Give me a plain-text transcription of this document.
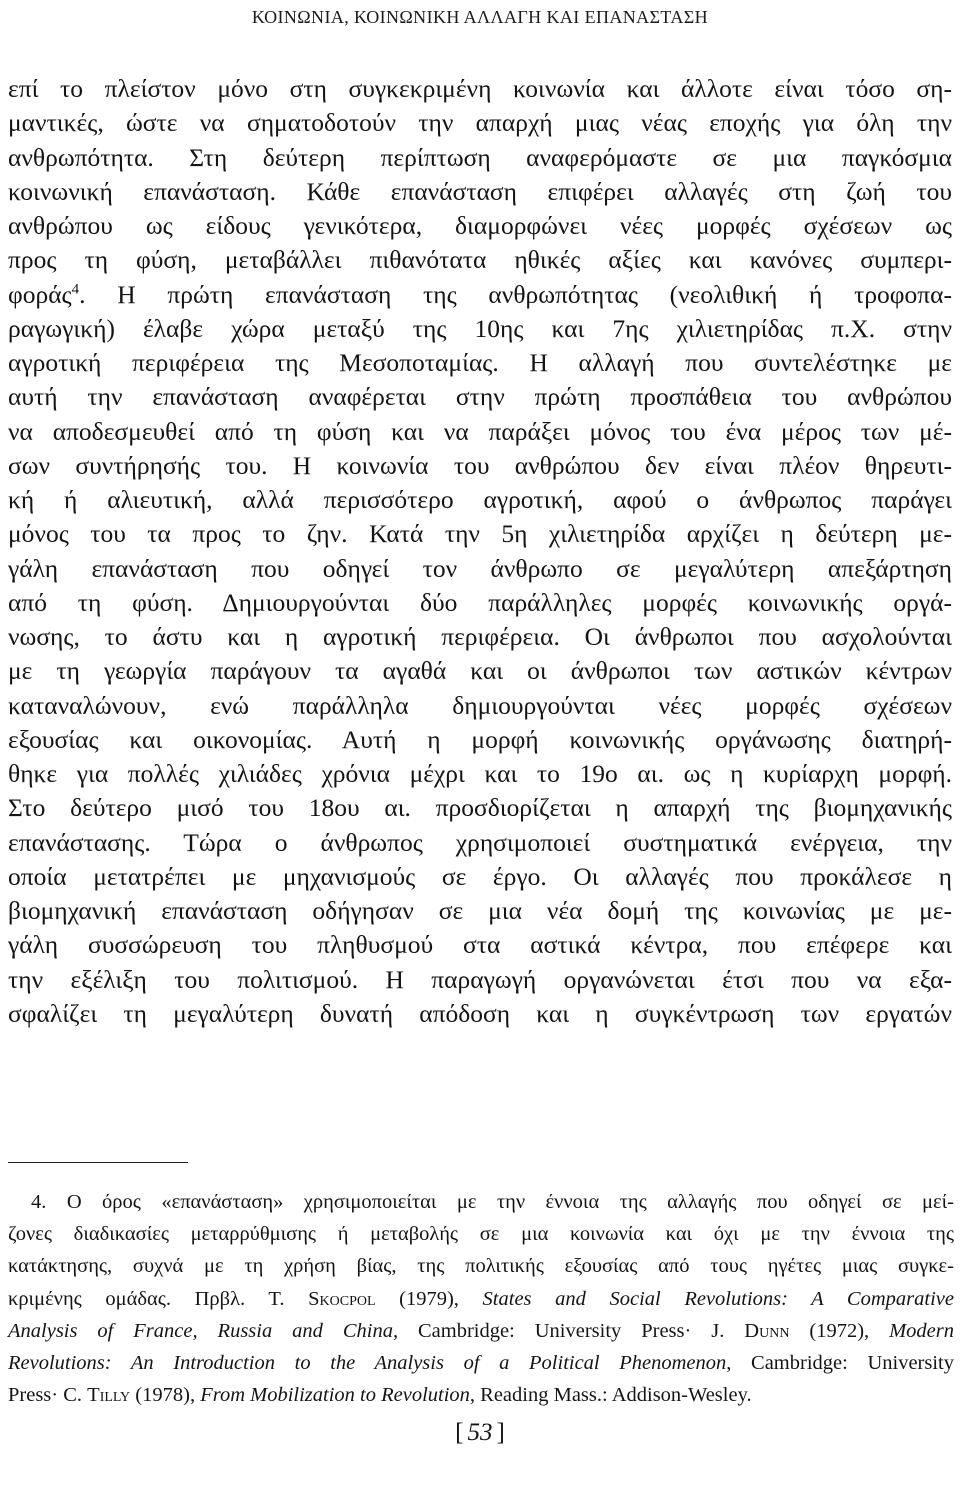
ΚΟΙΝΩΝΙΑ, ΚΟΙΝΩΝΙΚΗ ΑΛΛΑΓΗ ΚΑΙ ΕΠΑΝΑΣΤΑΣΗ
επί το πλείστον μόνο στη συγκεκριμένη κοινωνία και άλλοτε είναι τόσο ση-
μαντικές, ώστε να σηματοδοτούν την απαρχή μιας νέας εποχής για όλη την
ανθρωπότητα. Στη δεύτερη περίπτωση αναφερόμαστε σε μια παγκόσμια
κοινωνική επανάσταση. Κάθε επανάσταση επιφέρει αλλαγές στη ζωή του
ανθρώπου ως είδους γενικότερα, διαμορφώνει νέες μορφές σχέσεων ως
προς τη φύση, μεταβάλλει πιθανότατα ηθικές αξίες και κανόνες συμπερι-
φοράς$^4$. Η πρώτη επανάσταση της ανθρωπότητας (νεολιθική ή τροφοπα-
ραγωγική) έλαβε χώρα μεταξύ της 10ης και 7ης χιλιετηρίδας π.Χ. στην
αγροτική περιφέρεια της Μεσοποταμίας. Η αλλαγή που συντελέστηκε με
αυτή την επανάσταση αναφέρεται στην πρώτη προσπάθεια του ανθρώπου
να αποδεσμευθεί από τη φύση και να παράξει μόνος του ένα μέρος των μέ-
σων συντήρησής του. Η κοινωνία του ανθρώπου δεν είναι πλέον θηρευτι-
κή ή αλιευτική, αλλά περισσότερο αγροτική, αφού ο άνθρωπος παράγει
μόνος του τα προς το ζην. Κατά την 5η χιλιετηρίδα αρχίζει η δεύτερη με-
γάλη επανάσταση που οδηγεί τον άνθρωπο σε μεγαλύτερη απεξάρτηση
από τη φύση. Δημιουργούνται δύο παράλληλες μορφές κοινωνικής οργά-
νωσης, το άστυ και η αγροτική περιφέρεια. Οι άνθρωποι που ασχολούνται
με τη γεωργία παράγουν τα αγαθά και οι άνθρωποι των αστικών κέντρων
καταναλώνουν, ενώ παράλληλα δημιουργούνται νέες μορφές σχέσεων
εξουσίας και οικονομίας. Αυτή η μορφή κοινωνικής οργάνωσης διατηρή-
θηκε για πολλές χιλιάδες χρόνια μέχρι και το 19ο αι. ως η κυρίαρχη μορφή.
Στο δεύτερο μισό του 18ου αι. προσδιορίζεται η απαρχή της βιομηχανικής
επανάστασης. Τώρα ο άνθρωπος χρησιμοποιεί συστηματικά ενέργεια, την
οποία μετατρέπει με μηχανισμούς σε έργο. Οι αλλαγές που προκάλεσε η
βιομηχανική επανάσταση οδήγησαν σε μια νέα δομή της κοινωνίας με με-
γάλη συσσώρευση του πληθυσμού στα αστικά κέντρα, που επέφερε και
την εξέλιξη του πολιτισμού. Η παραγωγή οργανώνεται έτσι που να εξα-
σφαλίζει τη μεγαλύτερη δυνατή απόδοση και η συγκέντρωση των εργατών
4. Ο όρος «επανάσταση» χρησιμοποιείται με την έννοια της αλλαγής που οδηγεί σε μεί-
ζονες διαδικασίες μεταρρύθμισης ή μεταβολής σε μια κοινωνία και όχι με την έννοια της
κατάκτησης, συχνά με τη χρήση βίας, της πολιτικής εξουσίας από τους ηγέτες μιας συγκε-
κριμένης ομάδας. Πρβλ. Τ. Skocpol (1979), States and Social Revolutions: A Comparative
Analysis of France, Russia and China, Cambridge: University Press· J. Dunn (1972), Modern
Revolutions: An Introduction to the Analysis of a Political Phenomenon, Cambridge: University
Press· C. Tilly (1978), From Mobilization to Revolution, Reading Mass.: Addison-Wesley.
[ 53 ]
